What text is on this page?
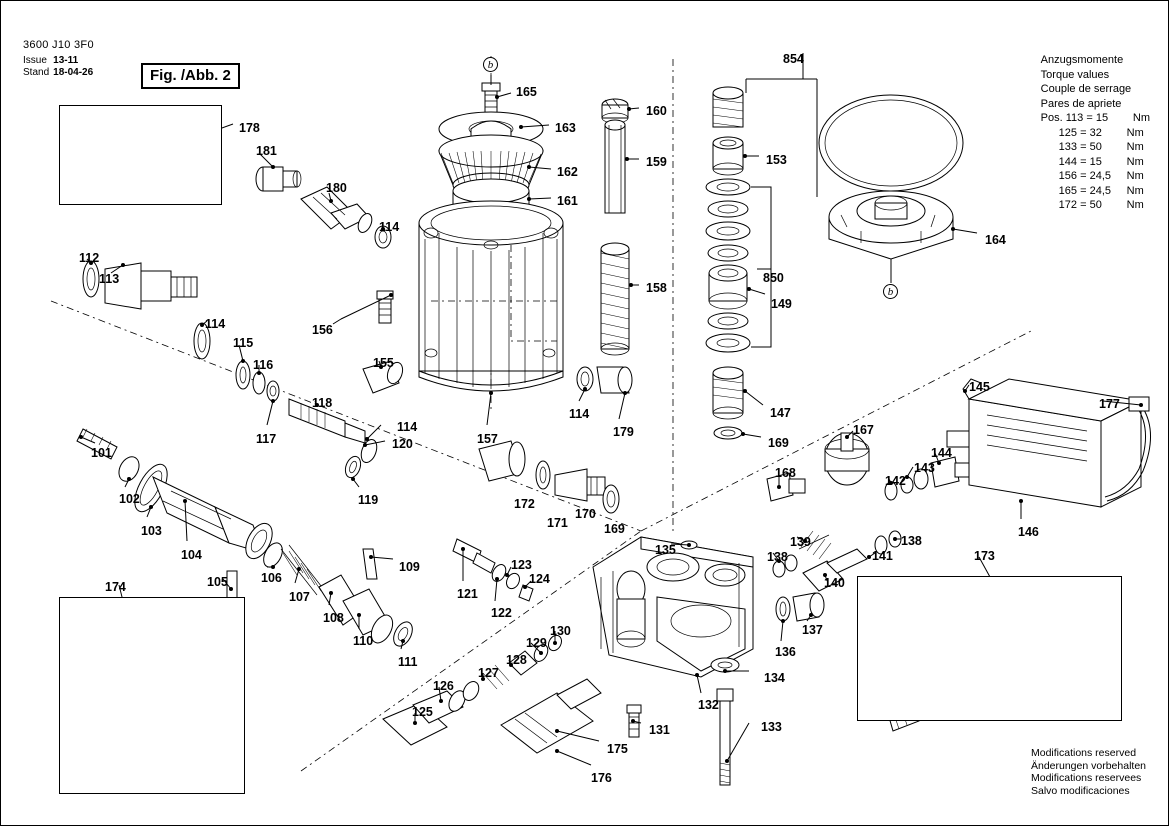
3600 J10 3F0
Issue	13-11
Stand	18-04-26	Fig. /Abb. 2
Anzugsmomente
Torque values
Couple de serrage
Pares de apriete
Pos. 113 = 15 Nm
125 = 32 Nm
133 = 50 Nm
144 = 15 Nm
156 = 24,5 Nm
165 = 24,5 Nm
172 = 50 Nm
Modifications reserved
Änderungen vorbehalten
Modifications reservees
Salvo modificaciones
b
b
178
181
180
165
163
162
161
160
159
158
854
153
850
149
164
114
112
113
114
115
116
117
118
114
120
119
155
156
157
114
179
147
169
172
171
170
169
101
102
103
104
105	106
107
108
109
110
111
174	121
122
123
124
125
126
127
128
129
130
131
175
176
132
133
134
135
136
137
138
139
140
141
138
142
143
144
168
167
145
177
146
173
